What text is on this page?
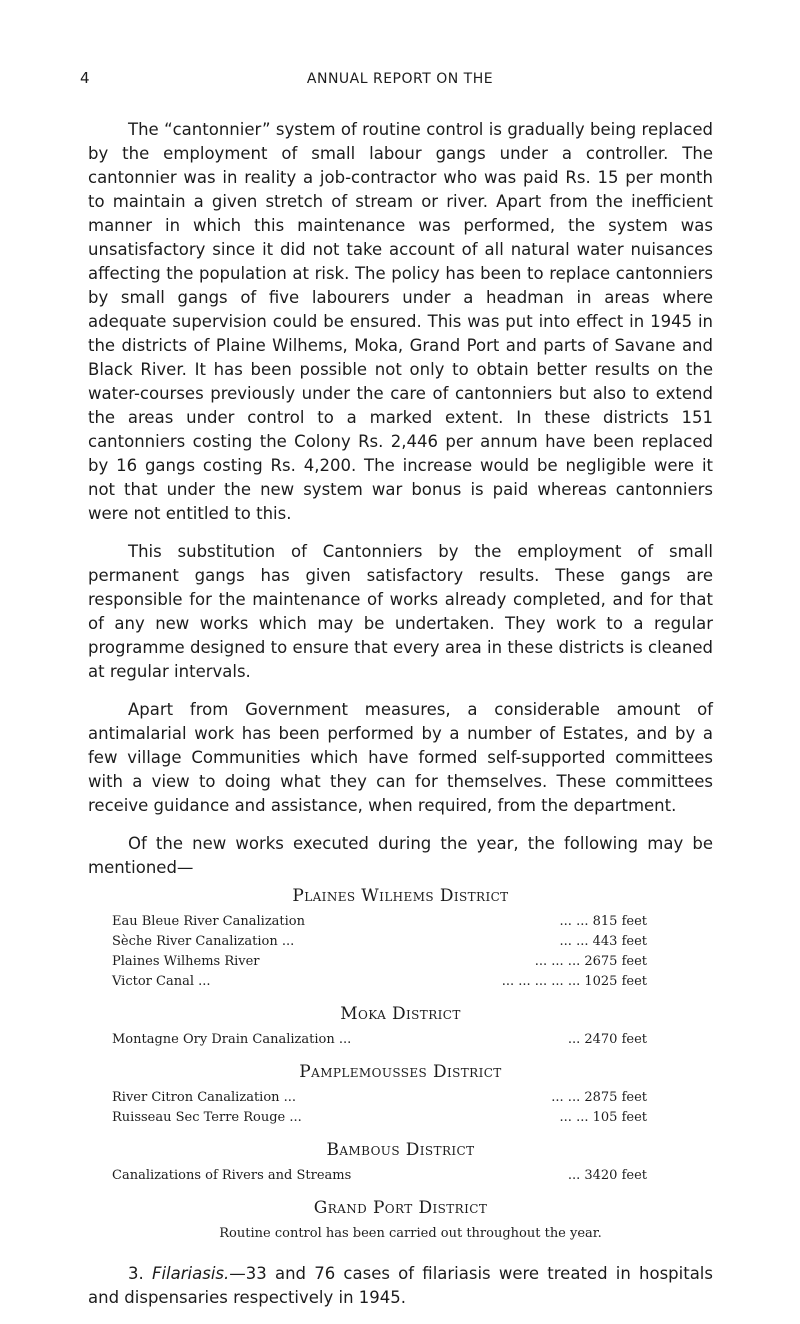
4	ANNUAL REPORT ON THE

The “cantonnier” system of routine control is gradually being replaced by the employment of small labour gangs under a controller. The cantonnier was in reality a job-contractor who was paid Rs. 15 per month to maintain a given stretch of stream or river. Apart from the inefficient manner in which this maintenance was performed, the system was unsatisfactory since it did not take account of all natural water nuisances affecting the population at risk. The policy has been to replace cantonniers by small gangs of five labourers under a headman in areas where adequate supervision could be ensured. This was put into effect in 1945 in the districts of Plaine Wilhems, Moka, Grand Port and parts of Savane and Black River. It has been possible not only to obtain better results on the water-courses previously under the care of cantonniers but also to extend the areas under control to a marked extent. In these districts 151 cantonniers costing the Colony Rs. 2,446 per annum have been replaced by 16 gangs costing Rs. 4,200. The increase would be negligible were it not that under the new system war bonus is paid whereas cantonniers were not entitled to this.

This substitution of Cantonniers by the employment of small permanent gangs has given satisfactory results. These gangs are responsible for the maintenance of works already completed, and for that of any new works which may be undertaken. They work to a regular programme designed to ensure that every area in these districts is cleaned at regular intervals.

Apart from Government measures, a considerable amount of antimalarial work has been performed by a number of Estates, and by a few village Communities which have formed self-supported committees with a view to doing what they can for themselves. These committees receive guidance and assistance, when required, from the department.

Of the new works executed during the year, the following may be mentioned—

Plaines Wilhems District
Eau Bleue River Canalization	... ... 815 feet
Sèche River Canalization ...	... ... 443 feet
Plaines Wilhems River	... ... ... 2675 feet
Victor Canal ...	... ... ... ... ... 1025 feet
Moka District
Montagne Ory Drain Canalization ...	... 2470 feet
Pamplemousses District
River Citron Canalization ...	... ... 2875 feet
Ruisseau Sec Terre Rouge ...	... ... 105 feet
Bambous District
Canalizations of Rivers and Streams	... 3420 feet
Grand Port District
Routine control has been carried out throughout the year.

3. Filariasis.—33 and 76 cases of filariasis were treated in hospitals and dispensaries respectively in 1945.
